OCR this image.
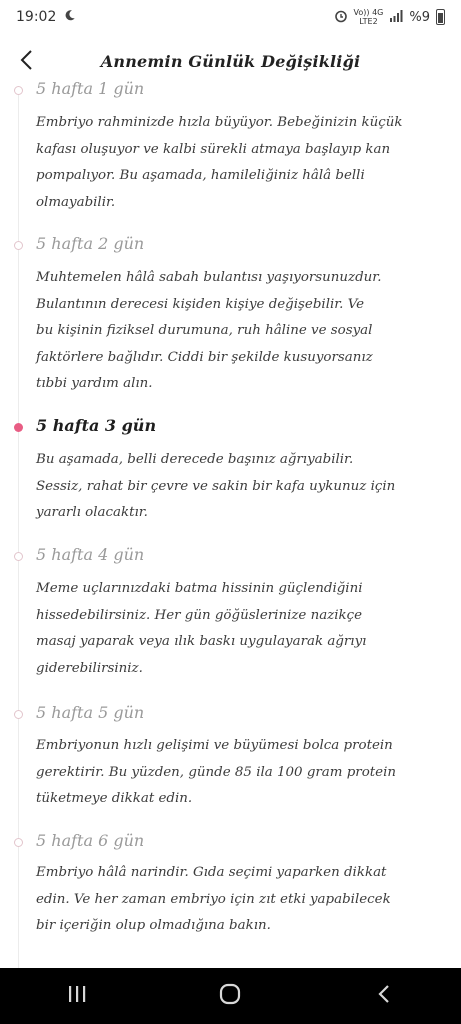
19:02	Vo)) 4G
LTE2	%9
Annemin Günlük Değişikliği
5 hafta 1 gün
Embriyo rahminizde hızla büyüyor. Bebeğinizin küçük
kafası oluşuyor ve kalbi sürekli atmaya başlayıp kan
pompalıyor. Bu aşamada, hamileliğiniz hâlâ belli
olmayabilir.
5 hafta 2 gün
Muhtemelen hâlâ sabah bulantısı yaşıyorsunuzdur.
Bulantının derecesi kişiden kişiye değişebilir. Ve
bu kişinin fiziksel durumuna, ruh hâline ve sosyal
faktörlere bağlıdır. Ciddi bir şekilde kusuyorsanız
tıbbi yardım alın.
5 hafta 3 gün
Bu aşamada, belli derecede başınız ağrıyabilir.
Sessiz, rahat bir çevre ve sakin bir kafa uykunuz için
yararlı olacaktır.
5 hafta 4 gün
Meme uçlarınızdaki batma hissinin güçlendiğini
hissedebilirsiniz. Her gün göğüslerinize nazikçe
masaj yaparak veya ılık baskı uygulayarak ağrıyı
giderebilirsiniz.
5 hafta 5 gün
Embriyonun hızlı gelişimi ve büyümesi bolca protein
gerektirir. Bu yüzden, günde 85 ila 100 gram protein
tüketmeye dikkat edin.
5 hafta 6 gün
Embriyo hâlâ narindir. Gıda seçimi yaparken dikkat
edin. Ve her zaman embriyo için zıt etki yapabilecek
bir içeriğin olup olmadığına bakın.
